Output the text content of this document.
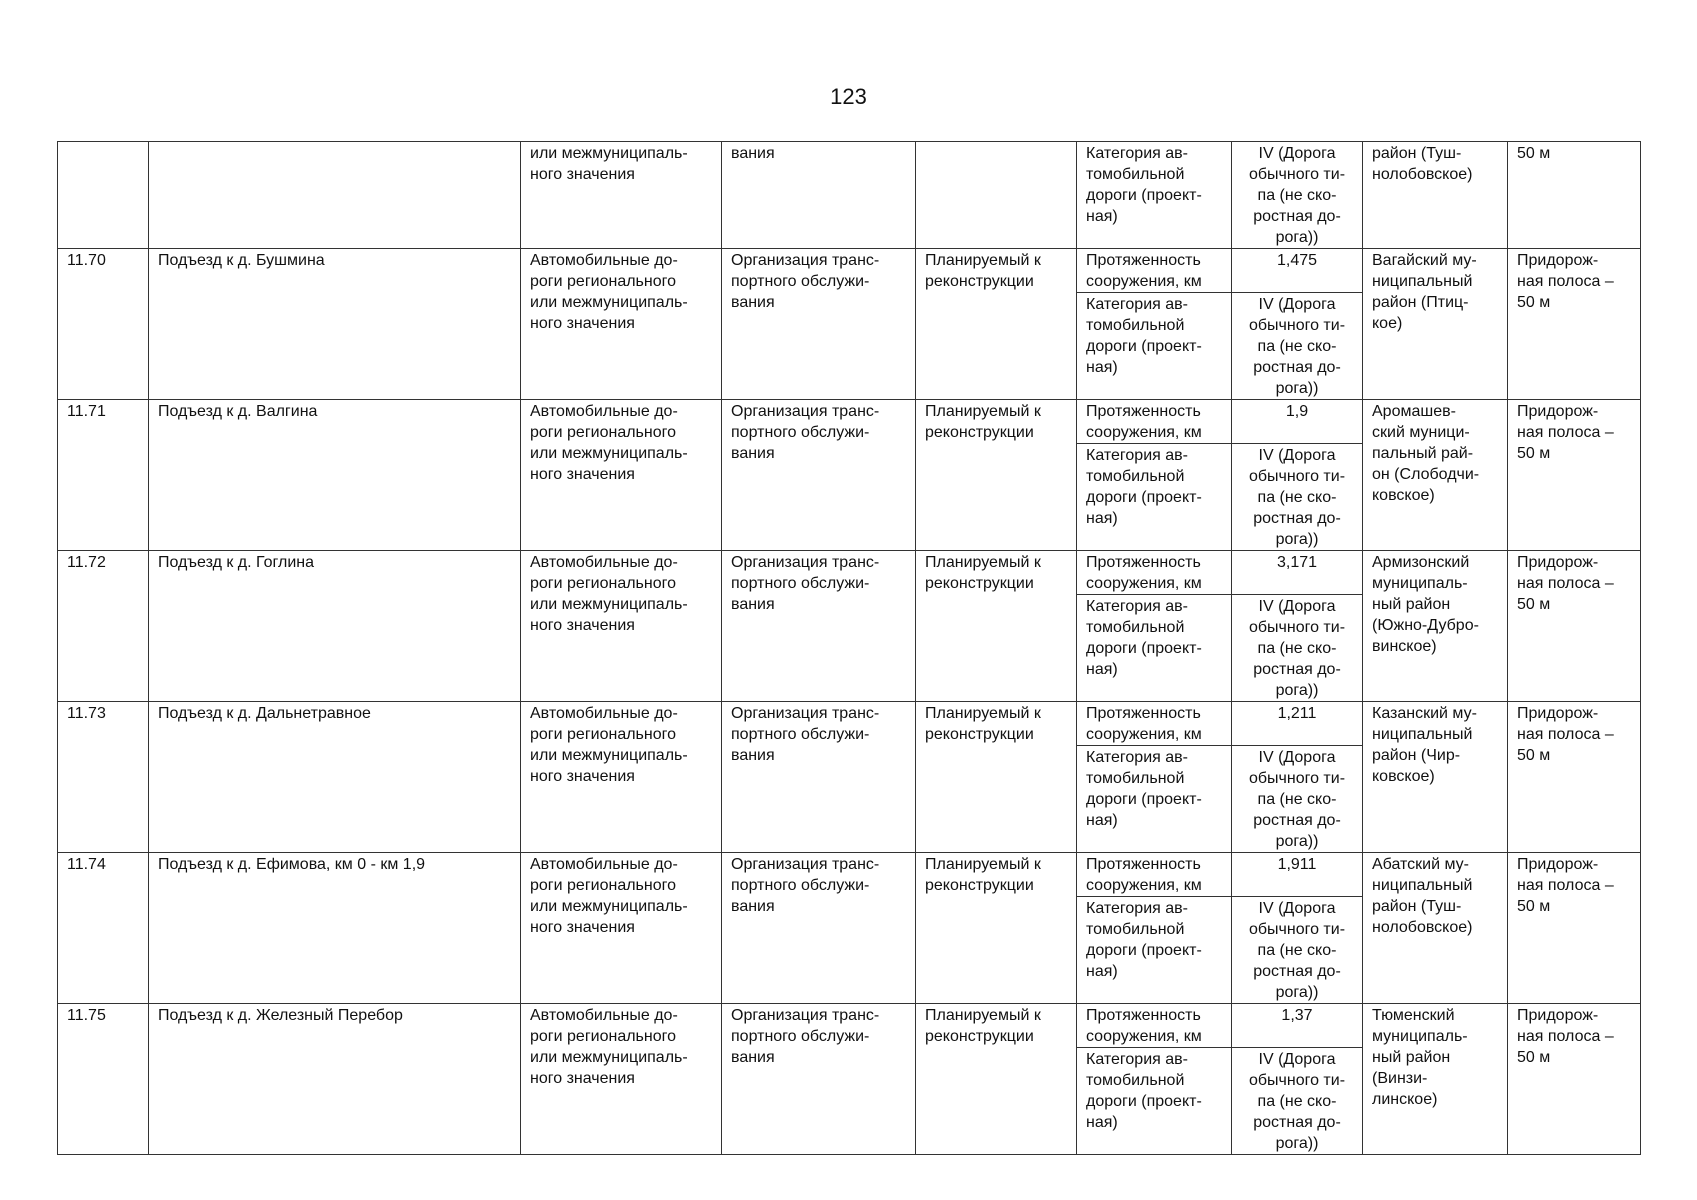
123
		или межмуниципаль-
ного значения	вания		Категория ав-
томобильной
дороги (проект-
ная)	IV (Дорога
обычного ти-
па (не ско-
ростная до-
рога))	район (Туш-
нолобовское)	50 м
11.70	Подъезд к д. Бушмина	Автомобильные до-
роги регионального
или межмуниципаль-
ного значения	Организация транс-
портного обслужи-
вания	Планируемый к
реконструкции	Протяженность
сооружения, км	1,475	Вагайский му-
ниципальный
район (Птиц-
кое)	Придорож-
ная полоса –
50 м
					Категория ав-
томобильной
дороги (проект-
ная)	IV (Дорога
обычного ти-
па (не ско-
ростная до-
рога))		
11.71	Подъезд к д. Валгина	Автомобильные до-
роги регионального
или межмуниципаль-
ного значения	Организация транс-
портного обслужи-
вания	Планируемый к
реконструкции	Протяженность
сооружения, км	1,9	Аромашев-
ский муници-
пальный рай-
он (Слободчи-
ковское)	Придорож-
ная полоса –
50 м
					Категория ав-
томобильной
дороги (проект-
ная)	IV (Дорога
обычного ти-
па (не ско-
ростная до-
рога))		
11.72	Подъезд к д. Гоглина	Автомобильные до-
роги регионального
или межмуниципаль-
ного значения	Организация транс-
портного обслужи-
вания	Планируемый к
реконструкции	Протяженность
сооружения, км	3,171	Армизонский
муниципаль-
ный район
(Южно-Дубро-
винское)	Придорож-
ная полоса –
50 м
					Категория ав-
томобильной
дороги (проект-
ная)	IV (Дорога
обычного ти-
па (не ско-
ростная до-
рога))		
11.73	Подъезд к д. Дальнетравное	Автомобильные до-
роги регионального
или межмуниципаль-
ного значения	Организация транс-
портного обслужи-
вания	Планируемый к
реконструкции	Протяженность
сооружения, км	1,211	Казанский му-
ниципальный
район (Чир-
ковское)	Придорож-
ная полоса –
50 м
					Категория ав-
томобильной
дороги (проект-
ная)	IV (Дорога
обычного ти-
па (не ско-
ростная до-
рога))		
11.74	Подъезд к д. Ефимова, км 0 - км 1,9	Автомобильные до-
роги регионального
или межмуниципаль-
ного значения	Организация транс-
портного обслужи-
вания	Планируемый к
реконструкции	Протяженность
сооружения, км	1,911	Абатский му-
ниципальный
район (Туш-
нолобовское)	Придорож-
ная полоса –
50 м
					Категория ав-
томобильной
дороги (проект-
ная)	IV (Дорога
обычного ти-
па (не ско-
ростная до-
рога))		
11.75	Подъезд к д. Железный Перебор	Автомобильные до-
роги регионального
или межмуниципаль-
ного значения	Организация транс-
портного обслужи-
вания	Планируемый к
реконструкции	Протяженность
сооружения, км	1,37	Тюменский
муниципаль-
ный район
(Винзи-
линское)	Придорож-
ная полоса –
50 м
					Категория ав-
томобильной
дороги (проект-
ная)	IV (Дорога
обычного ти-
па (не ско-
ростная до-
рога))		
